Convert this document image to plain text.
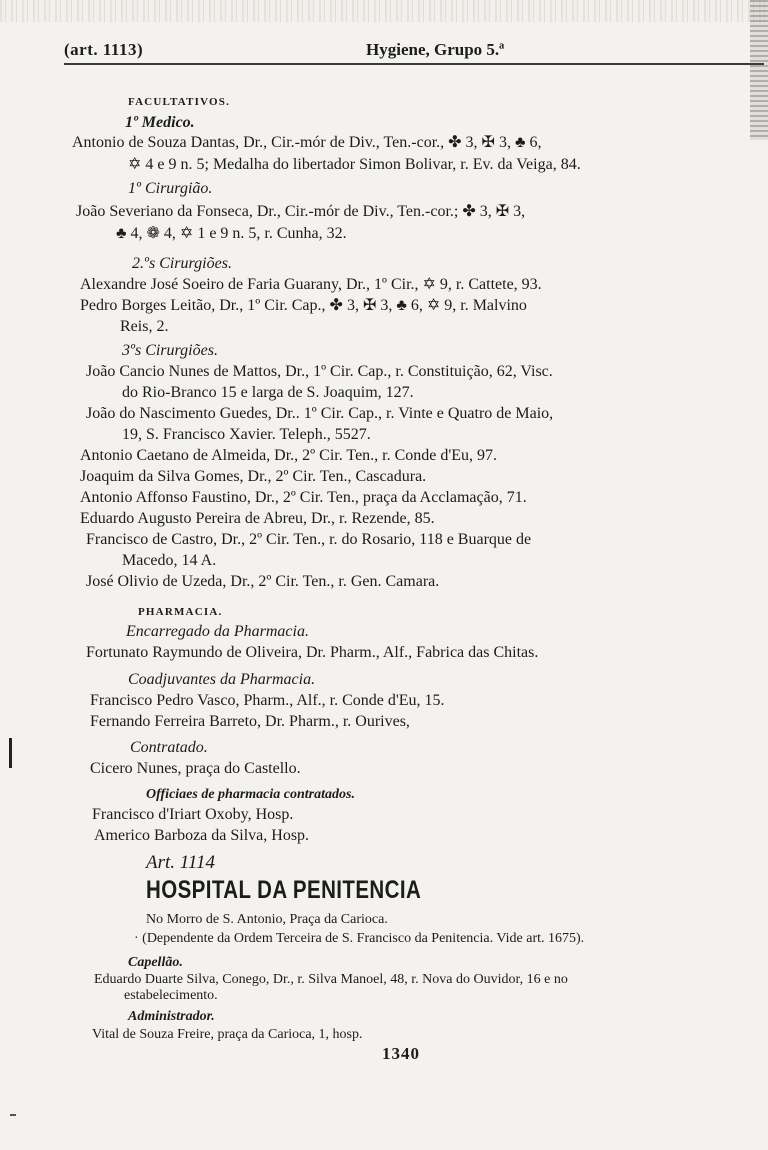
(art. 1113)	Hygiene, Grupo 5.ª
FACULTATIVOS.
1º Medico.
Antonio de Souza Dantas, Dr., Cir.-mór de Div., Ten.-cor., ✤ 3, ✠ 3, ♣ 6,
✡ 4 e 9 n. 5; Medalha do libertador Simon Bolivar, r. Ev. da Veiga, 84.
1º Cirurgião.
João Severiano da Fonseca, Dr., Cir.-mór de Div., Ten.-cor.; ✤ 3, ✠ 3,
♣ 4, ❁ 4, ✡ 1 e 9 n. 5, r. Cunha, 32.
2.ºs Cirurgiões.
Alexandre José Soeiro de Faria Guarany, Dr., 1º Cir., ✡ 9, r. Cattete, 93.
Pedro Borges Leitão, Dr., 1º Cir. Cap., ✤ 3, ✠ 3, ♣ 6, ✡ 9, r. Malvino
Reis, 2.
3ºs Cirurgiões.
João Cancio Nunes de Mattos, Dr., 1º Cir. Cap., r. Constituição, 62, Visc.
do Rio-Branco 15 e larga de S. Joaquim, 127.
João do Nascimento Guedes, Dr.. 1º Cir. Cap., r. Vinte e Quatro de Maio,
19, S. Francisco Xavier. Teleph., 5527.
Antonio Caetano de Almeida, Dr., 2º Cir. Ten., r. Conde d'Eu, 97.
Joaquim da Silva Gomes, Dr., 2º Cir. Ten., Cascadura.
Antonio Affonso Faustino, Dr., 2º Cir. Ten., praça da Acclamação, 71.
Eduardo Augusto Pereira de Abreu, Dr., r. Rezende, 85.
Francisco de Castro, Dr., 2º Cir. Ten., r. do Rosario, 118 e Buarque de
Macedo, 14 A.
José Olivio de Uzeda, Dr., 2º Cir. Ten., r. Gen. Camara.
PHARMACIA.
Encarregado da Pharmacia.
Fortunato Raymundo de Oliveira, Dr. Pharm., Alf., Fabrica das Chitas.
Coadjuvantes da Pharmacia.
Francisco Pedro Vasco, Pharm., Alf., r. Conde d'Eu, 15.
Fernando Ferreira Barreto, Dr. Pharm., r. Ourives,
Contratado.
Cicero Nunes, praça do Castello.
Officiaes de pharmacia contratados.
Francisco d'Iriart Oxoby, Hosp.
Americo Barboza da Silva, Hosp.
Art. 1114
HOSPITAL DA PENITENCIA
No Morro de S. Antonio, Praça da Carioca.
· (Dependente da Ordem Terceira de S. Francisco da Penitencia. Vide art. 1675).
Capellão.
Eduardo Duarte Silva, Conego, Dr., r. Silva Manoel, 48, r. Nova do Ouvidor, 16 e no
estabelecimento.
Administrador.
Vital de Souza Freire, praça da Carioca, 1, hosp.
1340
